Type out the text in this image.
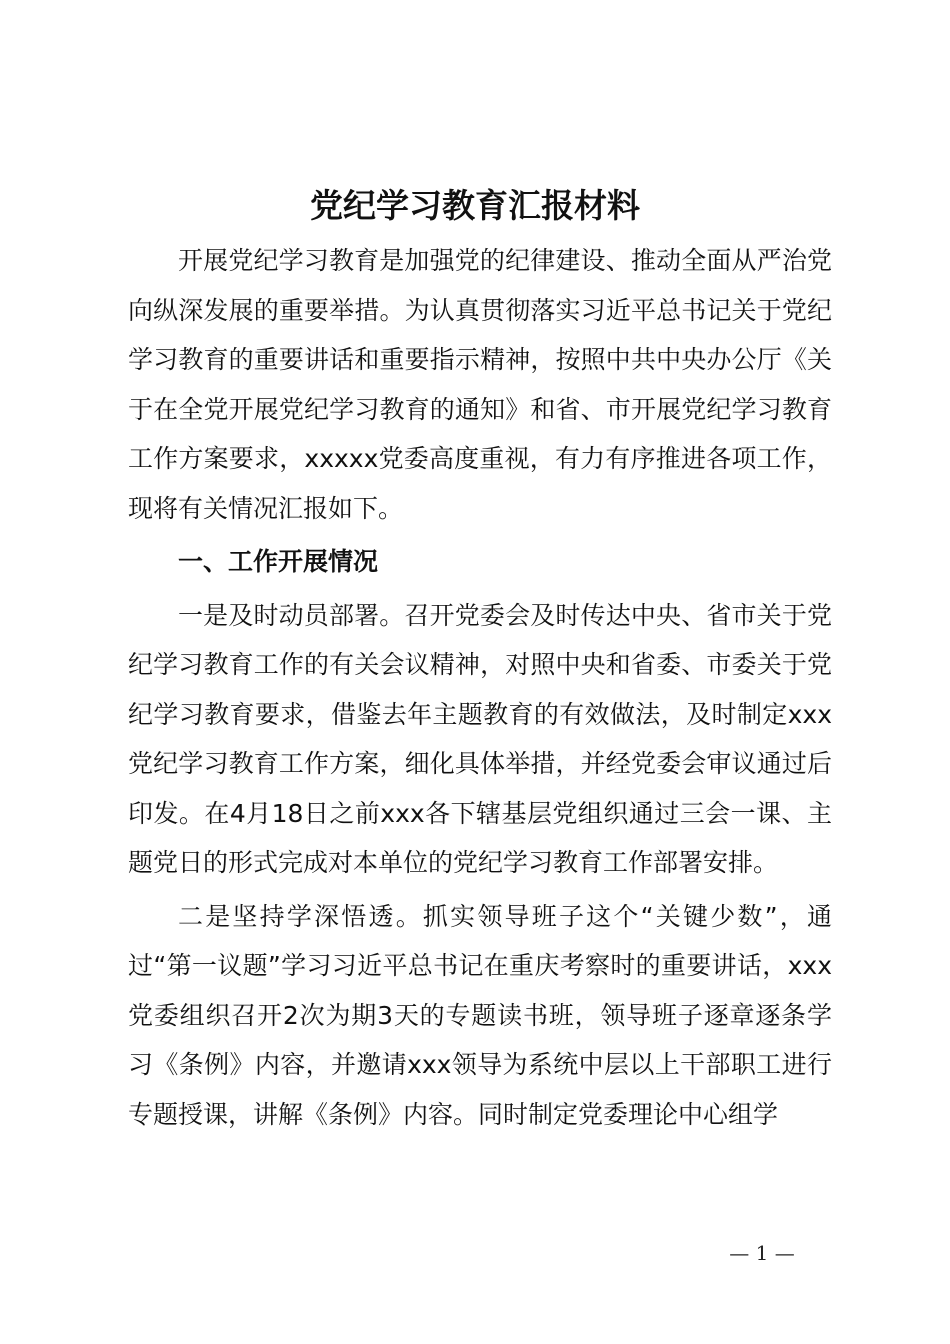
党纪学习教育汇报材料

开展党纪学习教育是加强党的纪律建设、推动全面从严治党向纵深发展的重要举措。为认真贯彻落实习近平总书记关于党纪学习教育的重要讲话和重要指示精神，按照中共中央办公厅《关于在全党开展党纪学习教育的通知》和省、市开展党纪学习教育工作方案要求，xxxxx党委高度重视，有力有序推进各项工作，现将有关情况汇报如下。

一、工作开展情况

一是及时动员部署。召开党委会及时传达中央、省市关于党纪学习教育工作的有关会议精神，对照中央和省委、市委关于党纪学习教育要求，借鉴去年主题教育的有效做法，及时制定xxx党纪学习教育工作方案，细化具体举措，并经党委会审议通过后印发。在4月18日之前xxx各下辖基层党组织通过三会一课、主题党日的形式完成对本单位的党纪学习教育工作部署安排。

二是坚持学深悟透。抓实领导班子这个“关键少数”，通过“第一议题”学习习近平总书记在重庆考察时的重要讲话，xxx党委组织召开2次为期3天的专题读书班，领导班子逐章逐条学习《条例》内容，并邀请xxx领导为系统中层以上干部职工进行专题授课，讲解《条例》内容。同时制定党委理论中心组学

— 1 —
